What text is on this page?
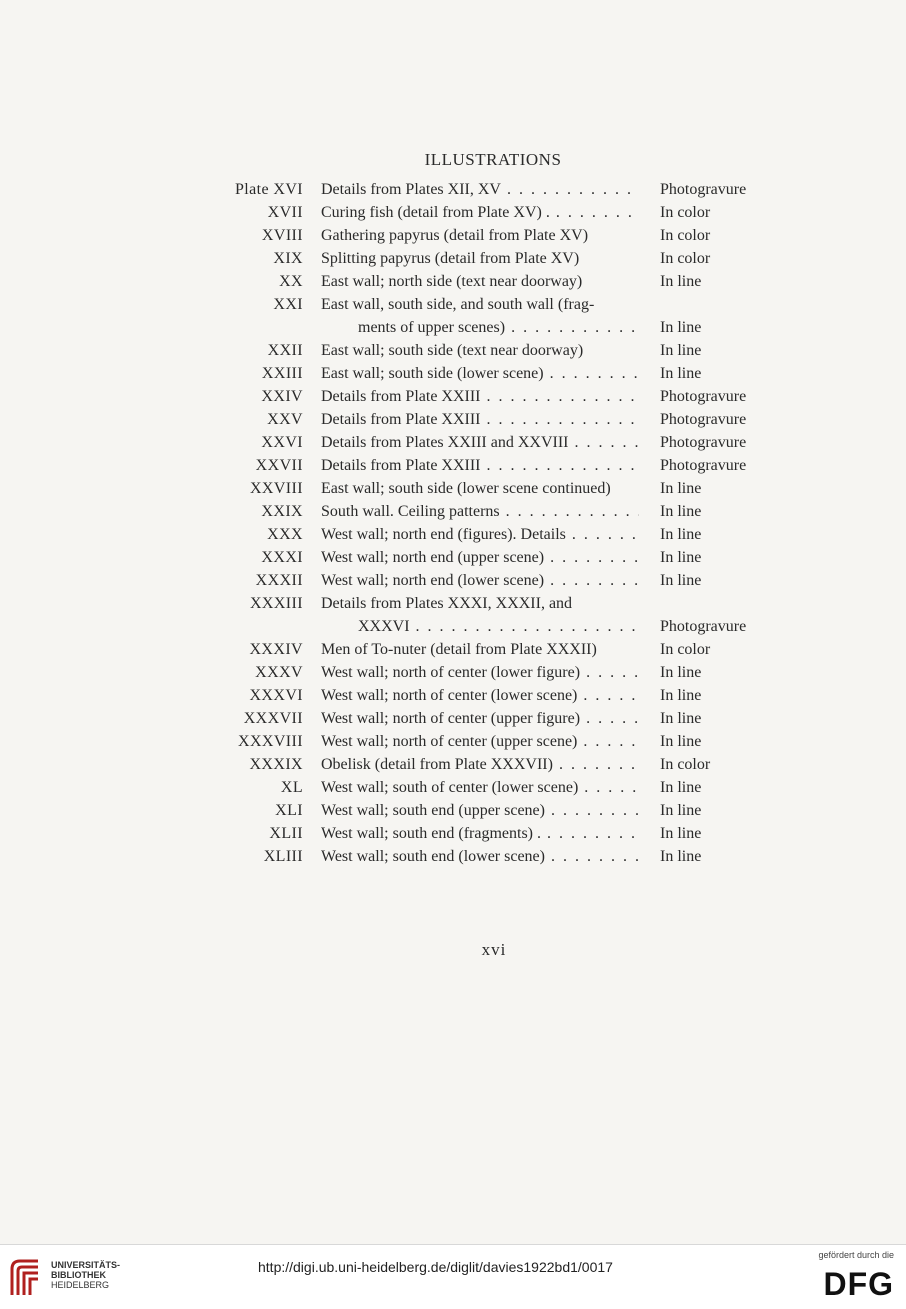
ILLUSTRATIONS
Plate XVI Details from Plates XII, XV . . .	Photogravure
XVII Curing fish (detail from Plate XV) . . . .	In color
XVIII Gathering papyrus (detail from Plate XV)	In color
XIX Splitting papyrus (detail from Plate XV)	In color
XX East wall; north side (text near doorway)	In line
XXI East wall, south side, and south wall (frag-
ments of upper scenes) . . .	In line
XXII East wall; south side (text near doorway)	In line
XXIII East wall; south side (lower scene) . . .	In line
XXIV Details from Plate XXIII . . .	Photogravure
XXV Details from Plate XXIII . . .	Photogravure
XXVI Details from Plates XXIII and XXVIII . . .	Photogravure
XXVII Details from Plate XXIII . . .	Photogravure
XXVIII East wall; south side (lower scene continued)	In line
XXIX South wall. Ceiling patterns . . .	In line
XXX West wall; north end (figures). Details . . .	In line
XXXI West wall; north end (upper scene) . . .	In line
XXXII West wall; north end (lower scene) . . .	In line
XXXIII Details from Plates XXXI, XXXII, and
XXXVI . . .	Photogravure
XXXIV Men of To-nuter (detail from Plate XXXII)	In color
XXXV West wall; north of center (lower figure) . . .	In line
XXXVI West wall; north of center (lower scene) . . .	In line
XXXVII West wall; north of center (upper figure) . . .	In line
XXXVIII West wall; north of center (upper scene) . . .	In line
XXXIX Obelisk (detail from Plate XXXVII) . . .	In color
XL West wall; south of center (lower scene) . . .	In line
XLI West wall; south end (upper scene) . . .	In line
XLII West wall; south end (fragments) . . . .	In line
XLIII West wall; south end (lower scene) . . .	In line
xvi
UNIVERSITÄTS-
BIBLIOTHEK
HEIDELBERG
http://digi.ub.uni-heidelberg.de/diglit/davies1922bd1/0017
gefördert durch die
DFG
